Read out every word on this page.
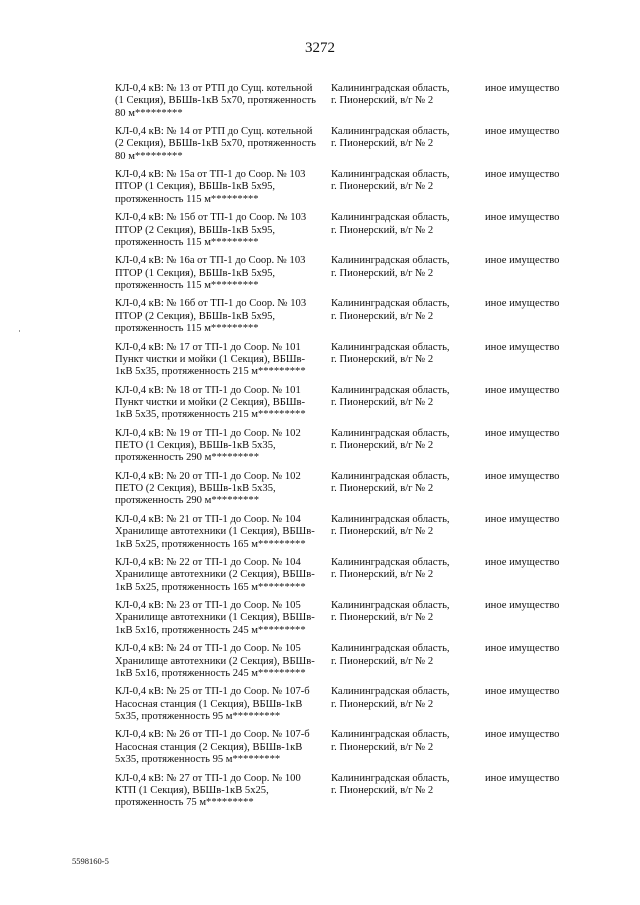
3272
КЛ-0,4 кВ: № 13 от РТП до Сущ. котельной
(1 Секция), ВБШв-1кВ 5х70, протяженность
80 м*********
Калининградская область,
г. Пионерский, в/г № 2
иное имущество
КЛ-0,4 кВ: № 14 от РТП до Сущ. котельной
(2 Секция), ВБШв-1кВ 5х70, протяженность
80 м*********
Калининградская область,
г. Пионерский, в/г № 2
иное имущество
КЛ-0,4 кВ: № 15а от ТП-1 до Соор. № 103
ПТОР (1 Секция), ВБШв-1кВ 5х95,
протяженность 115 м*********
Калининградская область,
г. Пионерский, в/г № 2
иное имущество
КЛ-0,4 кВ: № 15б от ТП-1 до Соор. № 103
ПТОР (2 Секция), ВБШв-1кВ 5х95,
протяженность 115 м*********
Калининградская область,
г. Пионерский, в/г № 2
иное имущество
КЛ-0,4 кВ: № 16а от ТП-1 до Соор. № 103
ПТОР (1 Секция), ВБШв-1кВ 5х95,
протяженность 115 м*********
Калининградская область,
г. Пионерский, в/г № 2
иное имущество
КЛ-0,4 кВ: № 16б от ТП-1 до Соор. № 103
ПТОР (2 Секция), ВБШв-1кВ 5х95,
протяженность 115 м*********
Калининградская область,
г. Пионерский, в/г № 2
иное имущество
КЛ-0,4 кВ: № 17 от ТП-1 до Соор. № 101
Пункт чистки и мойки (1 Секция), ВБШв-
1кВ 5х35, протяженность 215 м*********
Калининградская область,
г. Пионерский, в/г № 2
иное имущество
КЛ-0,4 кВ: № 18 от ТП-1 до Соор. № 101
Пункт чистки и мойки (2 Секция), ВБШв-
1кВ 5х35, протяженность 215 м*********
Калининградская область,
г. Пионерский, в/г № 2
иное имущество
КЛ-0,4 кВ: № 19 от ТП-1 до Соор. № 102
ПЕТО (1 Секция), ВБШв-1кВ 5х35,
протяженность 290 м*********
Калининградская область,
г. Пионерский, в/г № 2
иное имущество
КЛ-0,4 кВ: № 20 от ТП-1 до Соор. № 102
ПЕТО (2 Секция), ВБШв-1кВ 5х35,
протяженность 290 м*********
Калининградская область,
г. Пионерский, в/г № 2
иное имущество
КЛ-0,4 кВ: № 21 от ТП-1 до Соор. № 104
Хранилище автотехники (1 Секция), ВБШв-
1кВ 5х25, протяженность 165 м*********
Калининградская область,
г. Пионерский, в/г № 2
иное имущество
КЛ-0,4 кВ: № 22 от ТП-1 до Соор. № 104
Хранилище автотехники (2 Секция), ВБШв-
1кВ 5х25, протяженность 165 м*********
Калининградская область,
г. Пионерский, в/г № 2
иное имущество
КЛ-0,4 кВ: № 23 от ТП-1 до Соор. № 105
Хранилище автотехники (1 Секция), ВБШв-
1кВ 5х16, протяженность 245 м*********
Калининградская область,
г. Пионерский, в/г № 2
иное имущество
КЛ-0,4 кВ: № 24 от ТП-1 до Соор. № 105
Хранилище автотехники (2 Секция), ВБШв-
1кВ 5х16, протяженность 245 м*********
Калининградская область,
г. Пионерский, в/г № 2
иное имущество
КЛ-0,4 кВ: № 25 от ТП-1 до Соор. № 107-б
Насосная станция (1 Секция), ВБШв-1кВ
5х35, протяженность 95 м*********
Калининградская область,
г. Пионерский, в/г № 2
иное имущество
КЛ-0,4 кВ: № 26 от ТП-1 до Соор. № 107-б
Насосная станция (2 Секция), ВБШв-1кВ
5х35, протяженность 95 м*********
Калининградская область,
г. Пионерский, в/г № 2
иное имущество
КЛ-0,4 кВ: № 27 от ТП-1 до Соор. № 100
КТП (1 Секция), ВБШв-1кВ 5х25,
протяженность 75 м*********
Калининградская область,
г. Пионерский, в/г № 2
иное имущество
5598160-5
